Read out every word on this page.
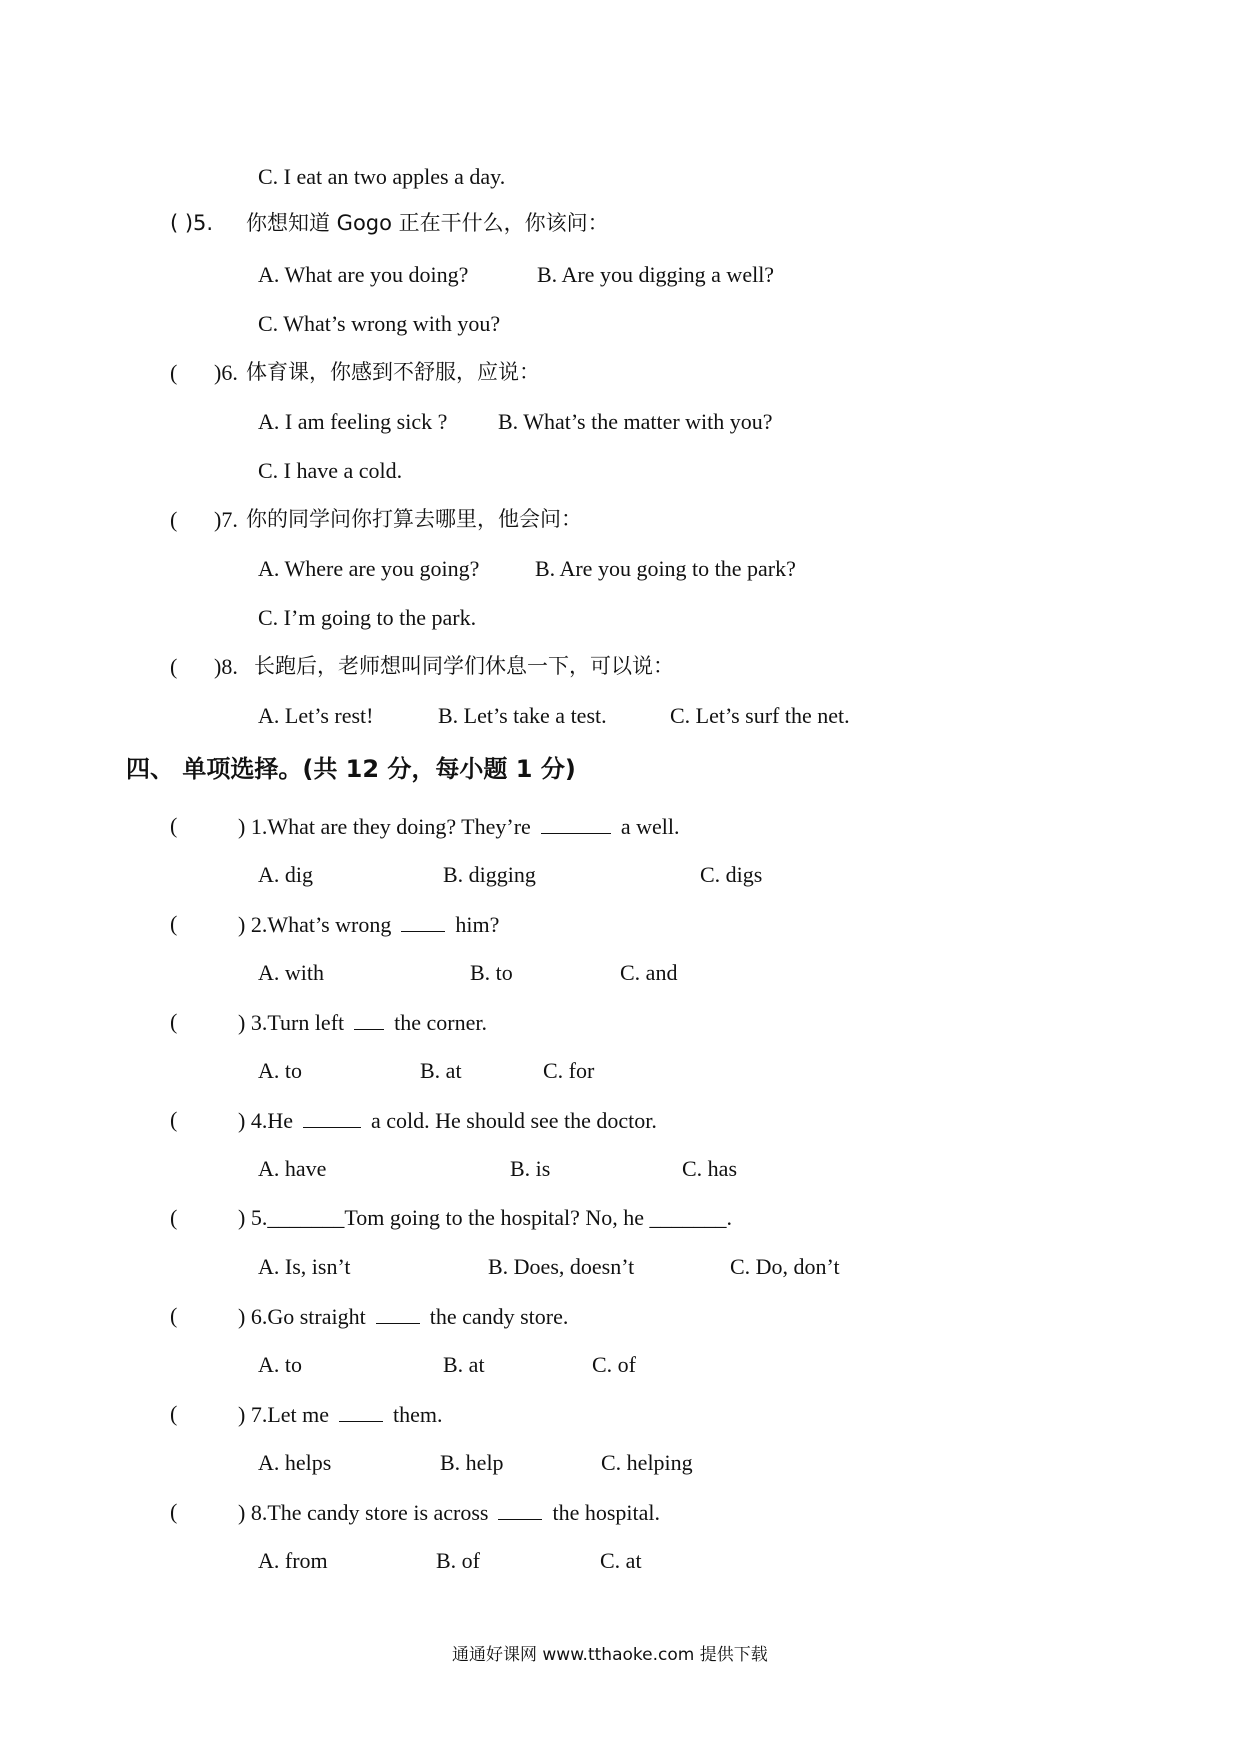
C. I eat an two apples a day.
( )5. 你想知道 Gogo 正在干什么，你该问：
A. What are you doing?	B. Are you digging a well?
C. What’s wrong with you?
( )6. 体育课，你感到不舒服，应说：
A. I am feeling sick ? B. What’s the matter with you?
C. I have a cold.
( )7. 你的同学问你打算去哪里，他会问：
A. Where are you going?	B. Are you going to the park?
C. I’m going to the park.
( )8. 长跑后，老师想叫同学们休息一下，可以说：
A. Let’s rest!	B. Let’s take a test.	C. Let’s surf the net.
四、 单项选择。(共 12 分，每小题 1 分)
(	) 1.What are they doing? They’re	a well.
A. dig	B. digging	C. digs
(	) 2.What’s wrong	him?
A. with	B. to	C. and
(	) 3.Turn left the corner.
A. to	B. at	C. for
(	) 4.He	a cold. He should see the doctor.
A. have	B. is	C. has
(	) 5._______Tom going to the hospital? No, he _______.
A. Is, isn’t	B. Does, doesn’t	C. Do, don’t
(	) 6.Go straight	the candy store.
A. to	B. at	C. of
(	) 7.Let me	them.
A. helps	B. help	C. helping
(	) 8.The candy store is across	the hospital.
A. from	B. of	C. at
通通好课网 www.tthaoke.com 提供下载
